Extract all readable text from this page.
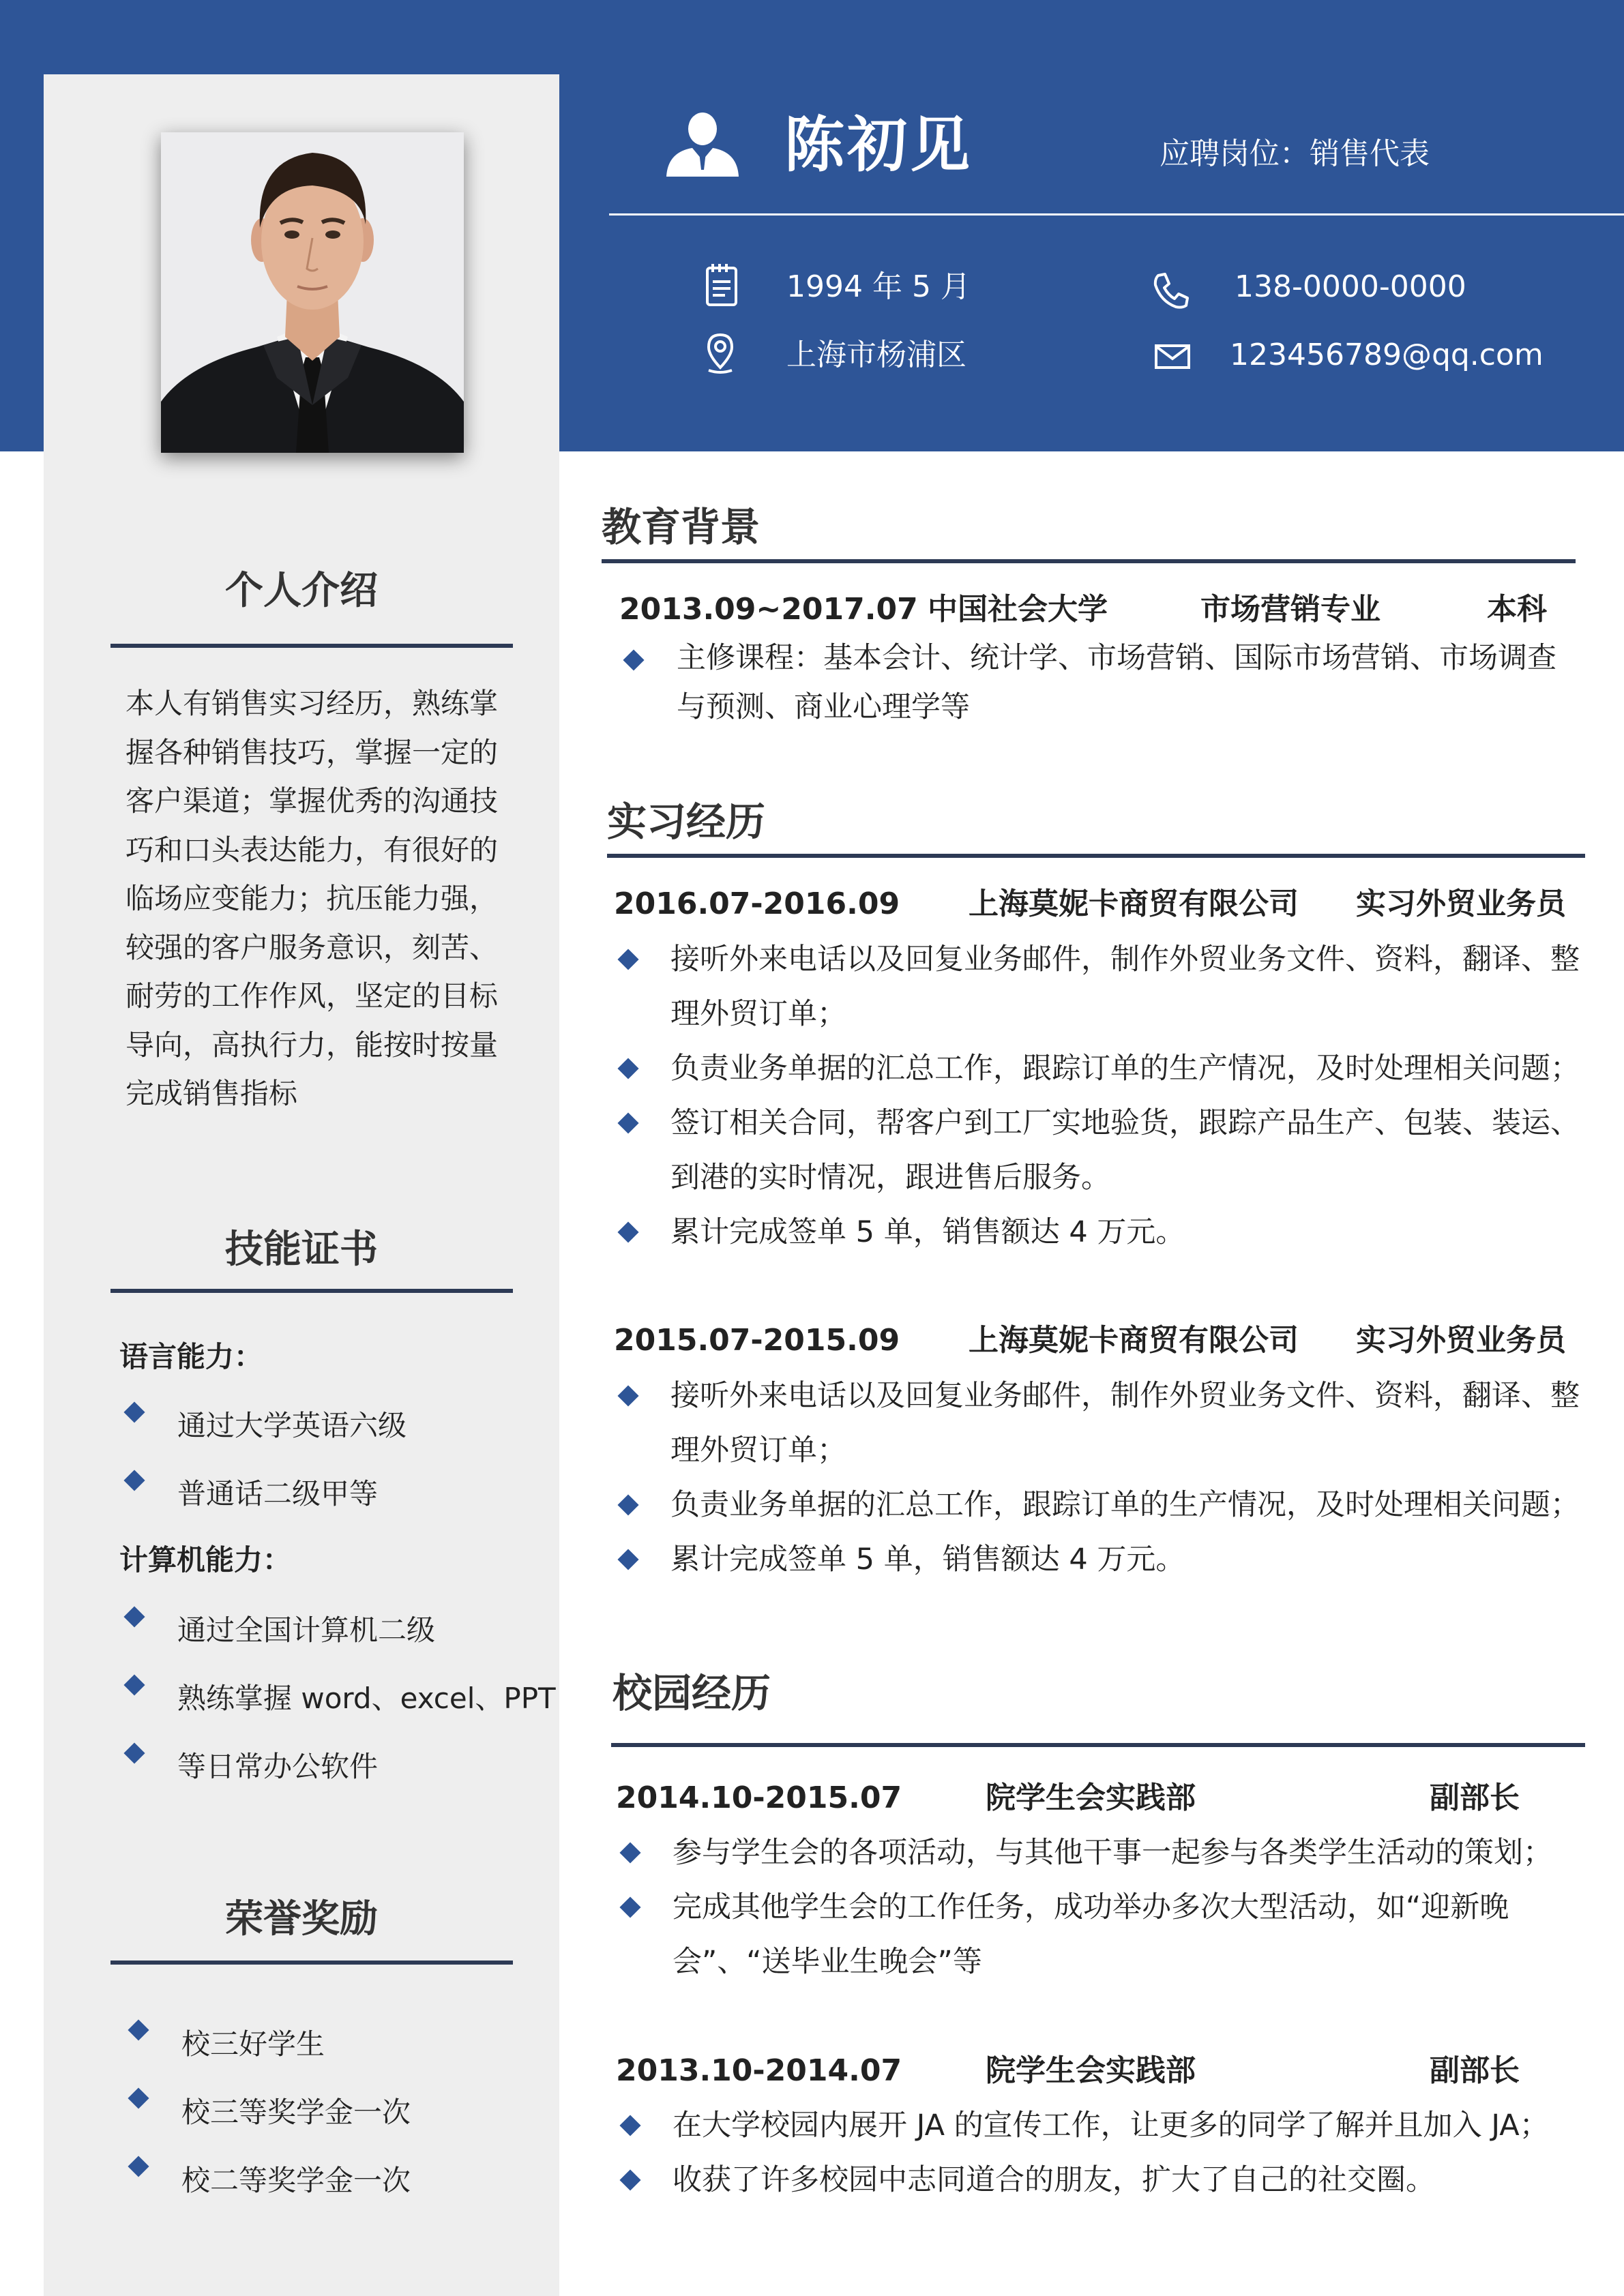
陈初见	应聘岗位：销售代表
1994 年 5 月	138-0000-0000
上海市杨浦区	123456789@qq.com
个人介绍
本人有销售实习经历，熟练掌握各种销售技巧，掌握一定的客户渠道；掌握优秀的沟通技巧和口头表达能力，有很好的临场应变能力；抗压能力强，较强的客户服务意识，刻苦、耐劳的工作作风，坚定的目标导向，高执行力，能按时按量完成销售指标
技能证书
语言能力：
通过大学英语六级
普通话二级甲等
计算机能力：
通过全国计算机二级
熟练掌握 word、excel、PPT
等日常办公软件
荣誉奖励
校三好学生
校三等奖学金一次
校二等奖学金一次
教育背景
2013.09~2017.07 中国社会大学	市场营销专业	本科
主修课程：基本会计、统计学、市场营销、国际市场营销、市场调查与预测、商业心理学等
实习经历
2016.07-2016.09 上海莫妮卡商贸有限公司 实习外贸业务员
接听外来电话以及回复业务邮件，制作外贸业务文件、资料，翻译、整理外贸订单；
负责业务单据的汇总工作，跟踪订单的生产情况，及时处理相关问题；
签订相关合同，帮客户到工厂实地验货，跟踪产品生产、包装、装运、到港的实时情况，跟进售后服务。
累计完成签单 5 单，销售额达 4 万元。
2015.07-2015.09 上海莫妮卡商贸有限公司 实习外贸业务员
接听外来电话以及回复业务邮件，制作外贸业务文件、资料，翻译、整理外贸订单；
负责业务单据的汇总工作，跟踪订单的生产情况，及时处理相关问题；
累计完成签单 5 单，销售额达 4 万元。
校园经历
2014.10-2015.07	院学生会实践部	副部长
参与学生会的各项活动，与其他干事一起参与各类学生活动的策划；
完成其他学生会的工作任务，成功举办多次大型活动，如“迎新晚会”、“送毕业生晚会”等
2013.10-2014.07	院学生会实践部	副部长
在大学校园内展开 JA 的宣传工作，让更多的同学了解并且加入 JA；
收获了许多校园中志同道合的朋友，扩大了自己的社交圈。
